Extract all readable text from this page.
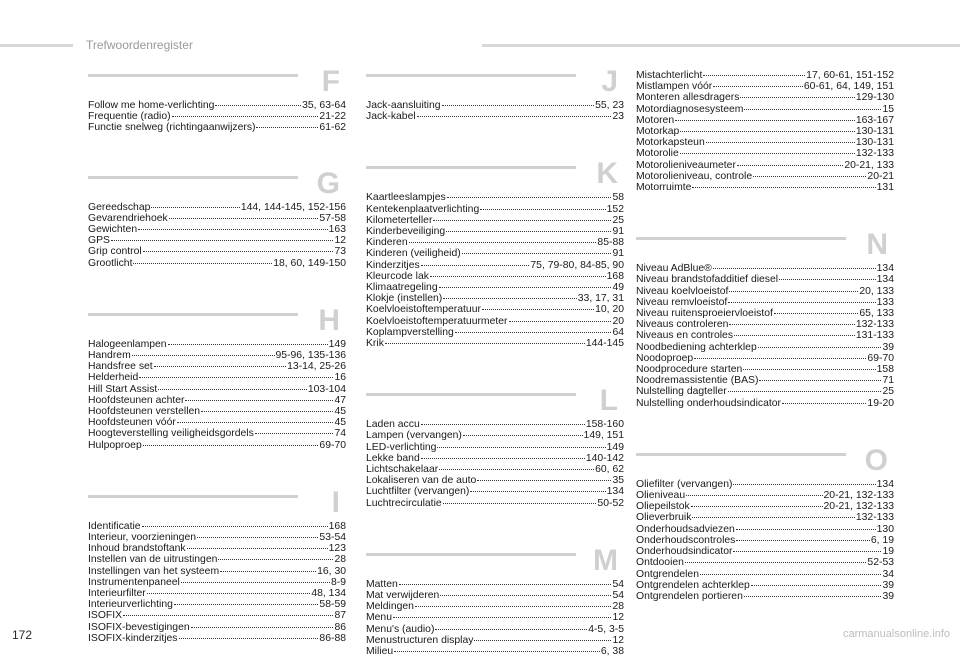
Trefwoordenregister
F
Follow me home-verlichting	35, 63-64
Frequentie (radio)	21-22
Functie snelweg (richtingaanwijzers)	61-62
G
Gereedschap	144, 144-145, 152-156
Gevarendriehoek	57-58
Gewichten	163
GPS	12
Grip control	73
Grootlicht	18, 60, 149-150
H
Halogeenlampen	149
Handrem	95-96, 135-136
Handsfree set	13-14, 25-26
Helderheid	16
Hill Start Assist	103-104
Hoofdsteunen achter	47
Hoofdsteunen verstellen	45
Hoofdsteunen vóór	45
Hoogteverstelling veiligheidsgordels	74
Hulpoproep	69-70
I
Identificatie	168
Interieur, voorzieningen	53-54
Inhoud brandstoftank	123
Instellen van de uitrustingen	28
Instellingen van het systeem	16, 30
Instrumentenpaneel	8-9
Interieurfilter	48, 134
Interieurverlichting	58-59
ISOFIX	87
ISOFIX-bevestigingen	86
ISOFIX-kinderzitjes	86-88
J
Jack-aansluiting	55, 23
Jack-kabel	23
K
Kaartleeslampjes	58
Kentekenplaatverlichting	152
Kilometerteller	25
Kinderbeveiliging	91
Kinderen	85-88
Kinderen (veiligheid)	91
Kinderzitjes	75, 79-80, 84-85, 90
Kleurcode lak	168
Klimaatregeling	49
Klokje (instellen)	33, 17, 31
Koelvloeistoftemperatuur	10, 20
Koelvloeistoftemperatuurmeter	20
Koplampverstelling	64
Krik	144-145
L
Laden accu	158-160
Lampen (vervangen)	149, 151
LED-verlichting	149
Lekke band	140-142
Lichtschakelaar	60, 62
Lokaliseren van de auto	35
Luchtfilter (vervangen)	134
Luchtrecirculatie	50-52
M
Matten	54
Mat verwijderen	54
Meldingen	28
Menu	12
Menu's (audio)	4-5, 3-5
Menustructuren display	12
Milieu	6, 38
Mistachterlicht	17, 60-61, 151-152
Mistlampen vóór	60-61, 64, 149, 151
Monteren allesdragers	129-130
Motordiagnosesysteem	15
Motoren	163-167
Motorkap	130-131
Motorkapsteun	130-131
Motorolie	132-133
Motorolieniveaumeter	20-21, 133
Motorolieniveau, controle	20-21
Motorruimte	131
N
Niveau AdBlue®	134
Niveau brandstofadditief diesel	134
Niveau koelvloeistof	20, 133
Niveau remvloeistof	133
Niveau ruitensproeiervloeistof	65, 133
Niveaus controleren	132-133
Niveaus en controles	131-133
Noodbediening achterklep	39
Noodoproep	69-70
Noodprocedure starten	158
Noodremassistentie (BAS)	71
Nulstelling dagteller	25
Nulstelling onderhoudsindicator	19-20
O
Oliefilter (vervangen)	134
Olieniveau	20-21, 132-133
Oliepeilstok	20-21, 132-133
Olieverbruik	132-133
Onderhoudsadviezen	130
Onderhoudscontroles	6, 19
Onderhoudsindicator	19
Ontdooien	52-53
Ontgrendelen	34
Ontgrendelen achterklep	39
Ontgrendelen portieren	39
172	carmanualsonline.info
